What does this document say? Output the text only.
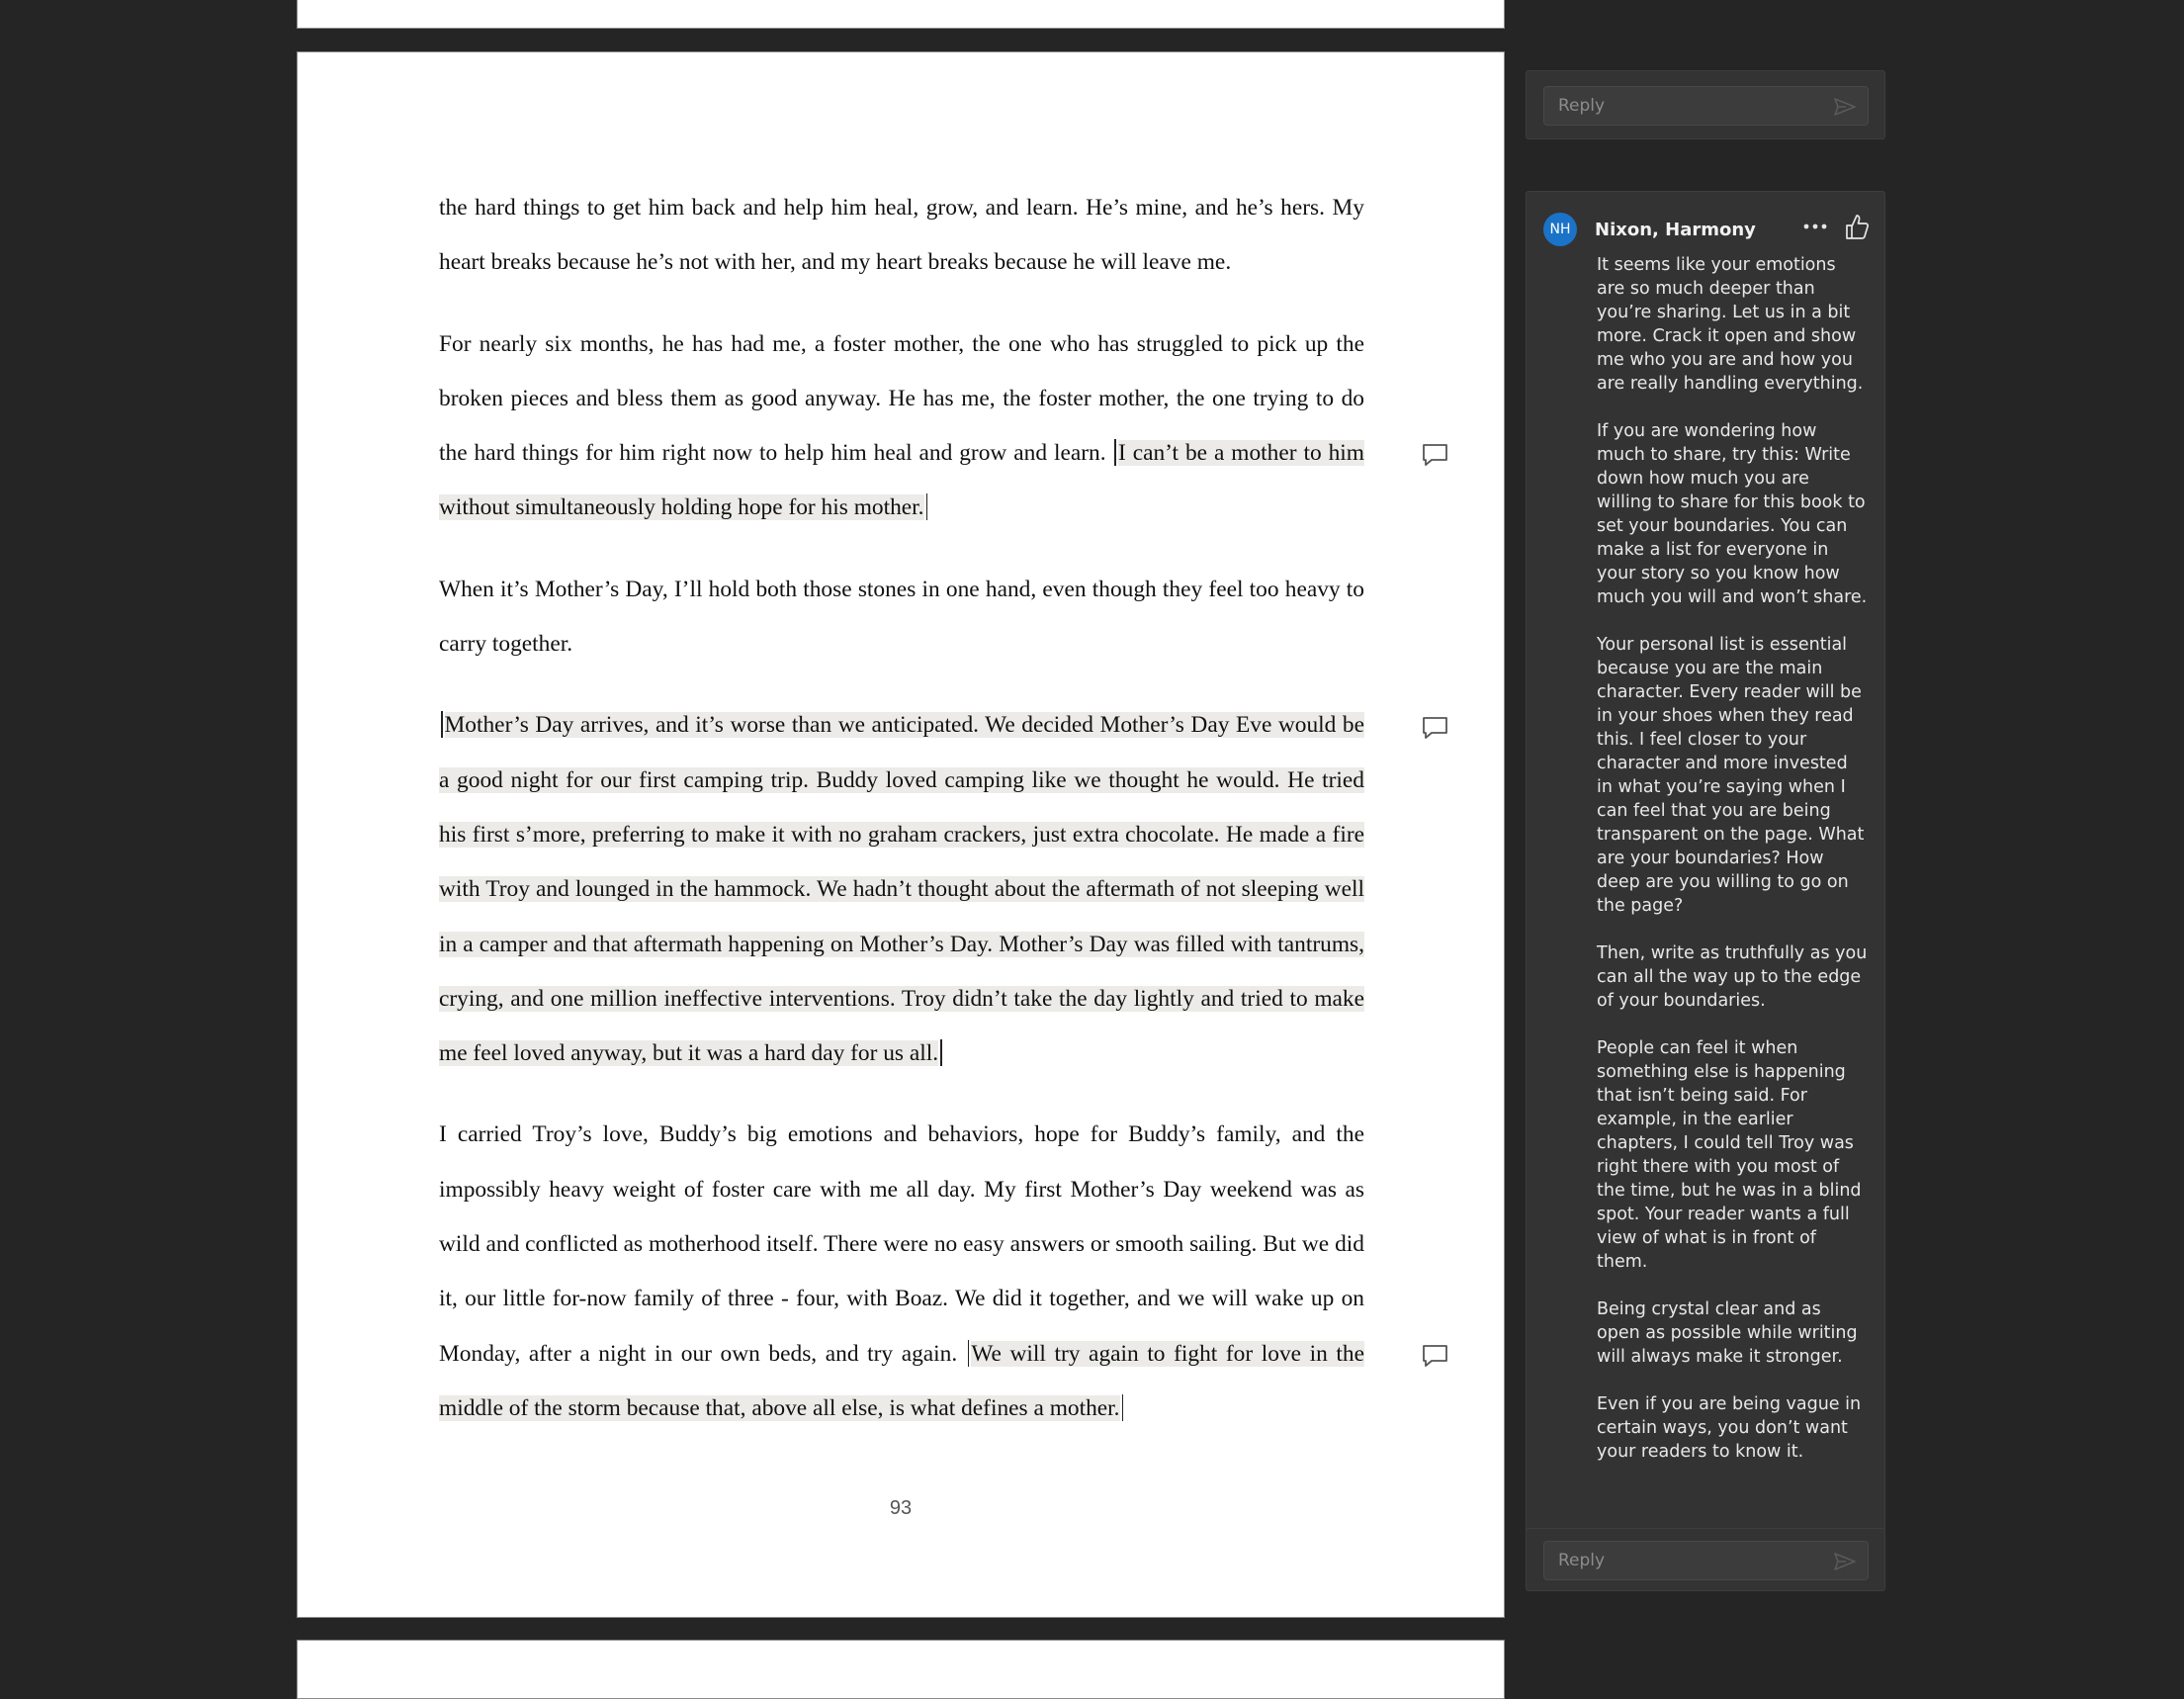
the hard things to get him back and help him heal, grow, and learn. He’s mine, and he’s hers. My heart breaks because he’s not with her, and my heart breaks because he will leave me.

For nearly six months, he has had me, a foster mother, the one who has struggled to pick up the broken pieces and bless them as good anyway. He has me, the foster mother, the one trying to do the hard things for him right now to help him heal and grow and learn. I can’t be a mother to him without simultaneously holding hope for his mother.

When it’s Mother’s Day, I’ll hold both those stones in one hand, even though they feel too heavy to carry together.

Mother’s Day arrives, and it’s worse than we anticipated. We decided Mother’s Day Eve would be a good night for our first camping trip. Buddy loved camping like we thought he would. He tried his first s’more, preferring to make it with no graham crackers, just extra chocolate. He made a fire with Troy and lounged in the hammock. We hadn’t thought about the aftermath of not sleeping well in a camper and that aftermath happening on Mother’s Day. Mother’s Day was filled with tantrums, crying, and one million ineffective interventions. Troy didn’t take the day lightly and tried to make me feel loved anyway, but it was a hard day for us all.

I carried Troy’s love, Buddy’s big emotions and behaviors, hope for Buddy’s family, and the impossibly heavy weight of foster care with me all day. My first Mother’s Day weekend was as wild and conflicted as motherhood itself. There were no easy answers or smooth sailing. But we did it, our little for-now family of three - four, with Boaz. We did it together, and we will wake up on Monday, after a night in our own beds, and try again. We will try again to fight for love in the middle of the storm because that, above all else, is what defines a mother.

93
Reply
NH	Nixon, Harmony

It seems like your emotions are so much deeper than you’re sharing. Let us in a bit more. Crack it open and show me who you are and how you are really handling everything.

If you are wondering how much to share, try this: Write down how much you are willing to share for this book to set your boundaries. You can make a list for everyone in your story so you know how much you will and won’t share.

Your personal list is essential because you are the main character. Every reader will be in your shoes when they read this. I feel closer to your character and more invested in what you’re saying when I can feel that you are being transparent on the page. What are your boundaries? How deep are you willing to go on the page?

Then, write as truthfully as you can all the way up to the edge of your boundaries.

People can feel it when something else is happening that isn’t being said. For example, in the earlier chapters, I could tell Troy was right there with you most of the time, but he was in a blind spot. Your reader wants a full view of what is in front of them.

Being crystal clear and as open as possible while writing will always make it stronger.

Even if you are being vague in certain ways, you don’t want your readers to know it.

Reply
